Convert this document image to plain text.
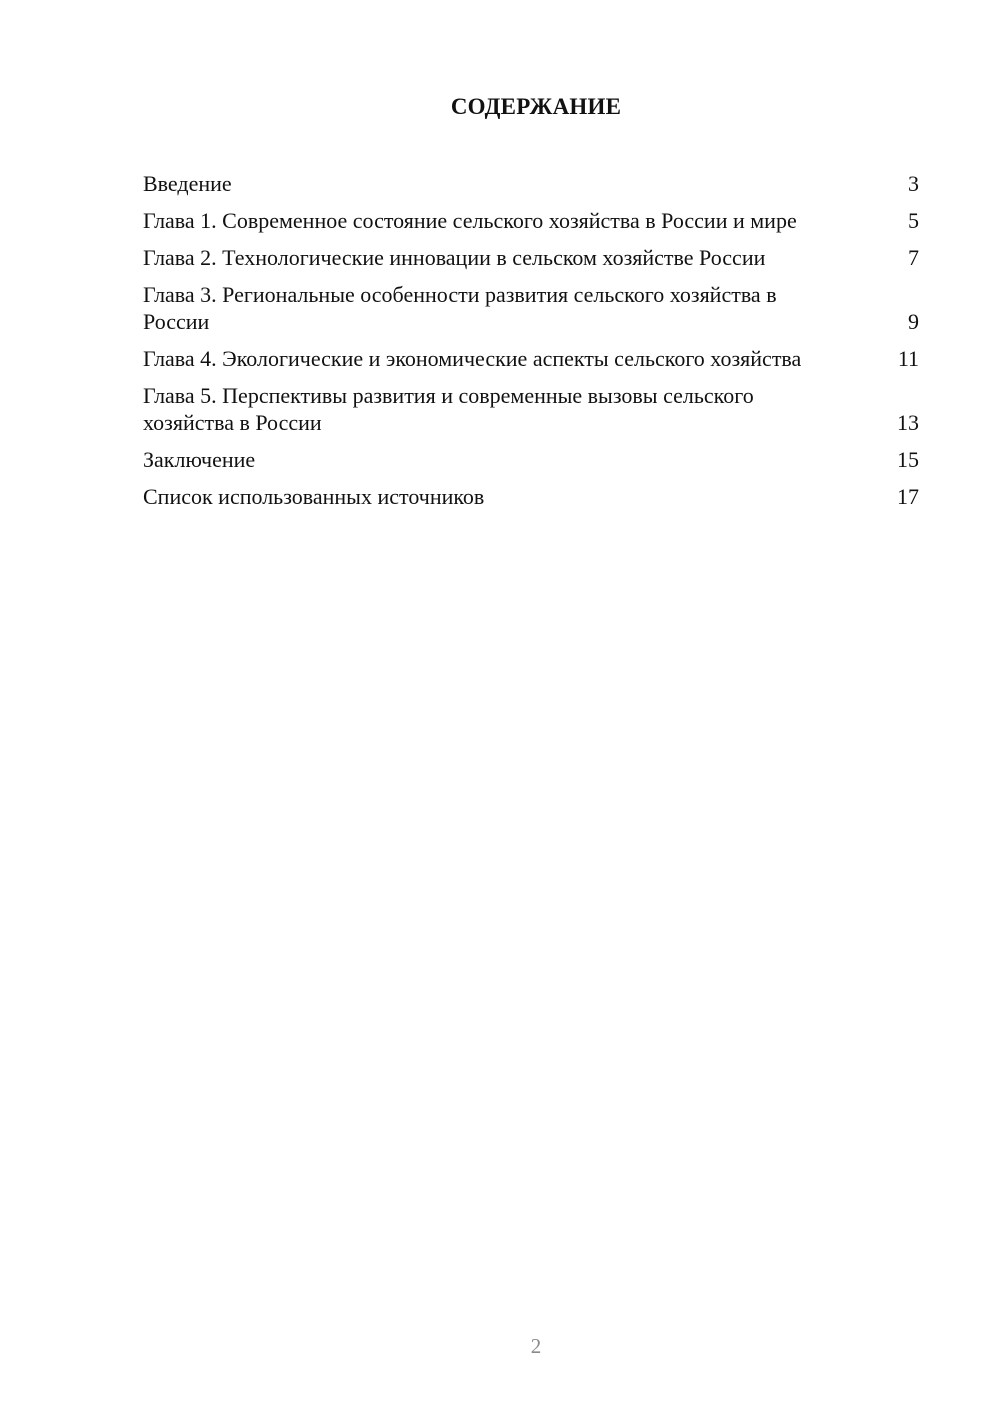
СОДЕРЖАНИЕ
Введение	3
Глава 1. Современное состояние сельского хозяйства в России и мире	5
Глава 2. Технологические инновации в сельском хозяйстве России	7
Глава 3. Региональные особенности развития сельского хозяйства в России	9
Глава 4. Экологические и экономические аспекты сельского хозяйства	11
Глава 5. Перспективы развития и современные вызовы сельского хозяйства в России	13
Заключение	15
Список использованных источников	17
2
